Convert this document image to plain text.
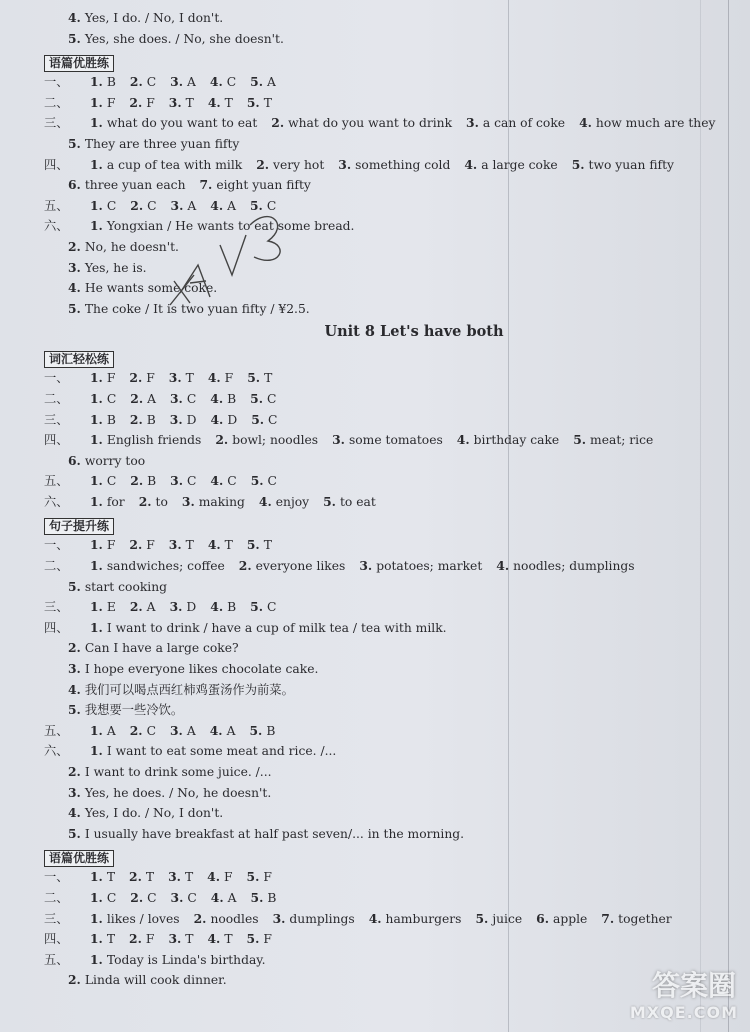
4. Yes, I do. / No, I don't.
5. Yes, she does. / No, she doesn't.
语篇优胜练
一、 1. B 2. C 3. A 4. C 5. A
二、 1. F 2. F 3. T 4. T 5. T
三、 1. what do you want to eat 2. what do you want to drink 3. a can of coke 4. how much are they
5. They are three yuan fifty
四、 1. a cup of tea with milk 2. very hot 3. something cold 4. a large coke 5. two yuan fifty
6. three yuan each 7. eight yuan fifty
五、 1. C 2. C 3. A 4. A 5. C
六、 1. Yongxian / He wants to eat some bread.
2. No, he doesn't.
3. Yes, he is.
4. He wants some coke.
5. The coke / It is two yuan fifty / ¥2.5.
Unit 8 Let's have both
词汇轻松练
一、 1. F 2. F 3. T 4. F 5. T
二、 1. C 2. A 3. C 4. B 5. C
三、 1. B 2. B 3. D 4. D 5. C
四、 1. English friends 2. bowl; noodles 3. some tomatoes 4. birthday cake 5. meat; rice
6. worry too
五、 1. C 2. B 3. C 4. C 5. C
六、 1. for 2. to 3. making 4. enjoy 5. to eat
句子提升练
一、 1. F 2. F 3. T 4. T 5. T
二、 1. sandwiches; coffee 2. everyone likes 3. potatoes; market 4. noodles; dumplings
5. start cooking
三、 1. E 2. A 3. D 4. B 5. C
四、 1. I want to drink / have a cup of milk tea / tea with milk.
2. Can I have a large coke?
3. I hope everyone likes chocolate cake.
4. 我们可以喝点西红柿鸡蛋汤作为前菜。
5. 我想要一些冷饮。
五、 1. A 2. C 3. A 4. A 5. B
六、 1. I want to eat some meat and rice. /...
2. I want to drink some juice. /...
3. Yes, he does. / No, he doesn't.
4. Yes, I do. / No, I don't.
5. I usually have breakfast at half past seven/... in the morning.
语篇优胜练
一、 1. T 2. T 3. T 4. F 5. F
二、 1. C 2. C 3. C 4. A 5. B
三、 1. likes / loves 2. noodles 3. dumplings 4. hamburgers 5. juice 6. apple 7. together
四、 1. T 2. F 3. T 4. T 5. F
五、 1. Today is Linda's birthday.
2. Linda will cook dinner.	答案圈
MXQE.COM
